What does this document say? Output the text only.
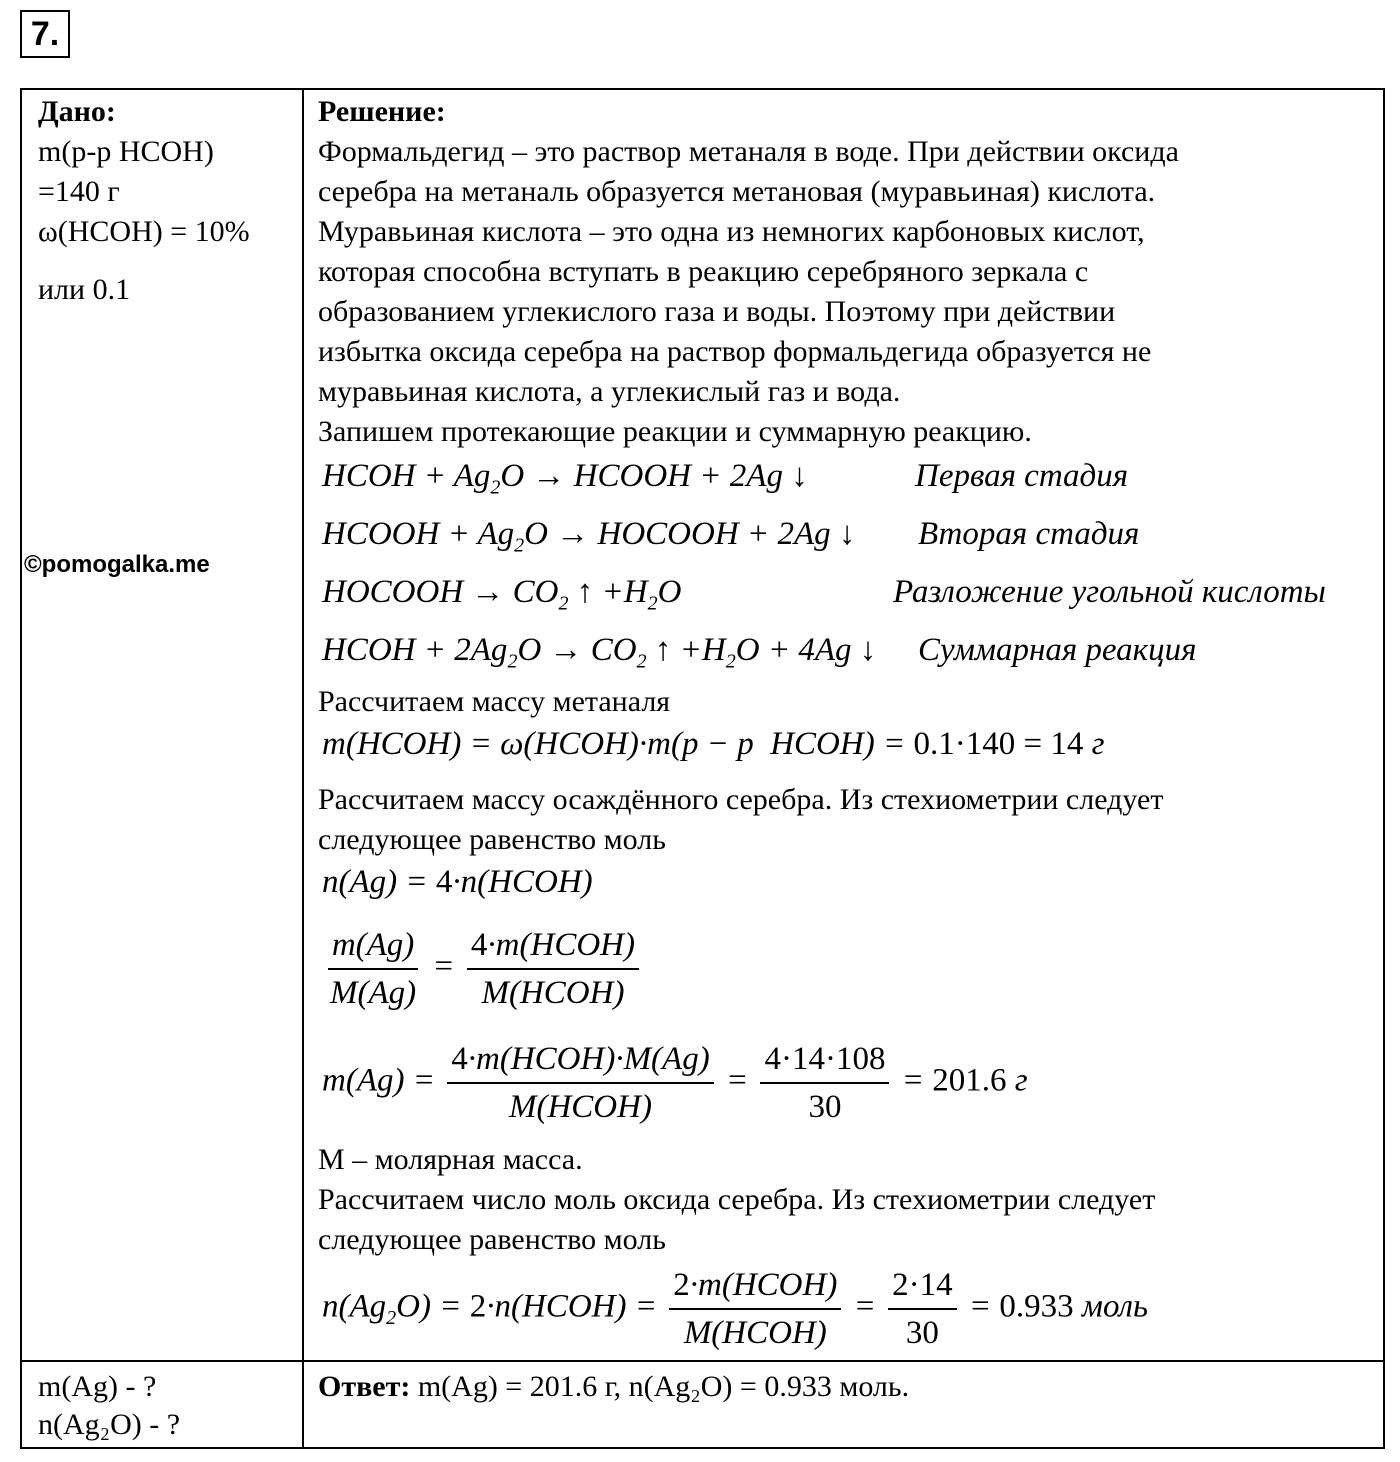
7.
©pomogalka.me
Дано:
m(р-р HCOH)
=140 г
ω(HCOH) = 10%
или 0.1
m(Ag) - ?
n(Ag₂O) - ?
Решение:
Формальдегид – это раствор метаналя в воде. При действии оксида
серебра на метаналь образуется метановая (муравьиная) кислота.
Муравьиная кислота – это одна из немногих карбоновых кислот,
которая способна вступать в реакцию серебряного зеркала с
образованием углекислого газа и воды. Поэтому при действии
избытка оксида серебра на раствор формальдегида образуется не
муравьиная кислота, а углекислый газ и вода.
Запишем протекающие реакции и суммарную реакцию.
HCOH + $Ag_2O$ → HCOOH + 2Ag ↓	Первая стадия
HCOOH + $Ag_2O$ → HOCOOH + 2Ag ↓ Вторая стадия
HOCOOH → $CO_2$ ↑ $+H_2O$	Разложение угольной кислоты
HCOH + $2Ag_2O \to CO_2$ ↑ $+H_2O + 4Ag$ ↓ Суммарная реакция
Рассчитаем массу метаналя
m(HCOH) = ω(HCOH)·m(p − p  HCOH) = 0.1·140 = 14 г
Рассчитаем массу осаждённого серебра. Из стехиометрии следует
следующее равенство моль
n(Ag) = 4·n(HCOH)
$\frac{m(Ag)}{M(Ag)} = \frac{\text{4·m(HCOH)}}{\text{M(HCOH)}}$
$m(Ag) = \frac{\text{4·m(HCOH)·M(Ag)}}{\text{M(HCOH)}} = \frac{4\cdot 14\cdot 108}{30} = 201.6$ г
M – молярная масса.
Рассчитаем число моль оксида серебра. Из стехиометрии следует
следующее равенство моль
$n(Ag_2O)$ = 2·n(HCOH) = $\frac{\text{2·m(HCOH)}}{\text{M(HCOH)}} = \frac{2\cdot 14}{30} = 0.933$ моль
Ответ: m(Ag) = 201.6 г, n(Ag₂O) = 0.933 моль.
